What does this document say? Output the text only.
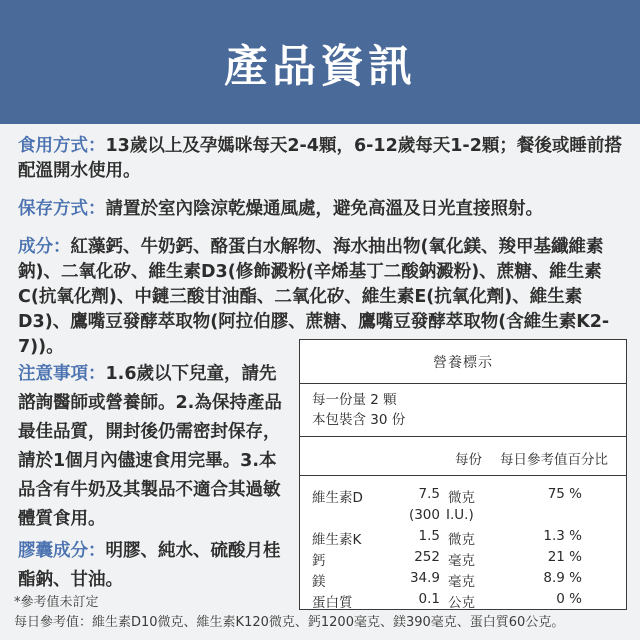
產品資訊

食用方式：13歲以上及孕媽咪每天2-4顆，6-12歲每天1-2顆；餐後或睡前搭配溫開水使用。

保存方式：請置於室內陰涼乾燥通風處，避免高溫及日光直接照射。

成分：紅藻鈣、牛奶鈣、酪蛋白水解物、海水抽出物(氧化鎂、羧甲基纖維素鈉)、二氧化矽、維生素D3(修飾澱粉(辛烯基丁二酸鈉澱粉)、蔗糖、維生素C(抗氧化劑)、中鏈三酸甘油酯、二氧化矽、維生素E(抗氧化劑)、維生素D3)、鷹嘴豆發酵萃取物(阿拉伯膠、蔗糖、鷹嘴豆發酵萃取物(含維生素K2-7))。

注意事項：1.6歲以下兒童，請先諮詢醫師或營養師。2.為保持產品最佳品質，開封後仍需密封保存，請於1個月內儘速食用完畢。3.本品含有牛奶及其製品不適合其過敏體質食用。

膠囊成分：明膠、純水、硫酸月桂酯鈉、甘油。

營養標示
每一份量 2 顆
本包裝含 30 份
每份 每日參考值百分比
維生素D	7.5 微克	75 %
(300 I.U.)
維生素K	1.5 微克	1.3 %
鈣	252 毫克	21 %
鎂	34.9 毫克	8.9 %
蛋白質	0.1 公克	0 %
*參考值未訂定
每日參考值：維生素D10微克、維生素K120微克、鈣1200毫克、鎂390毫克、蛋白質60公克。
